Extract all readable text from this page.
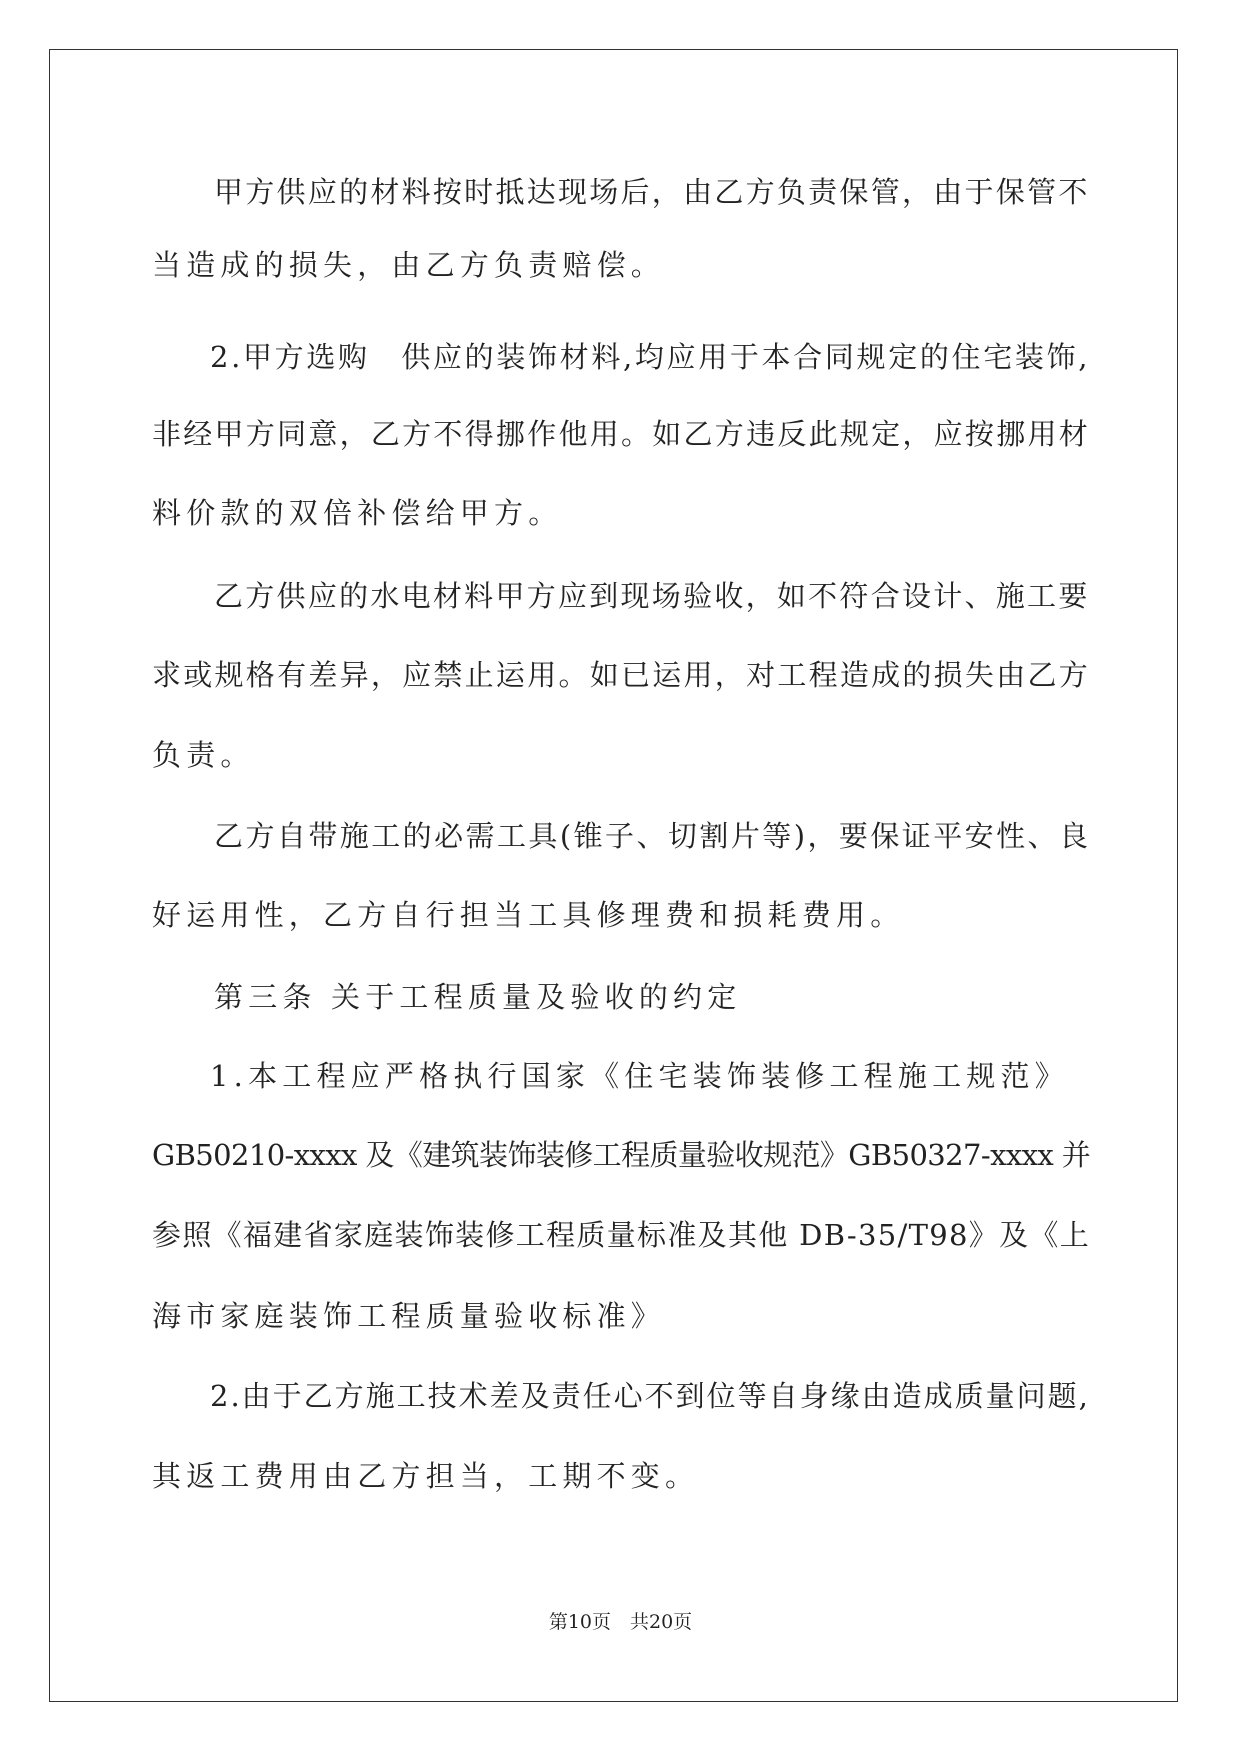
甲方供应的材料按时抵达现场后，由乙方负责保管，由于保管不
当造成的损失，由乙方负责赔偿。
2.甲方选购　供应的装饰材料,均应用于本合同规定的住宅装饰,
非经甲方同意，乙方不得挪作他用。如乙方违反此规定，应按挪用材
料价款的双倍补偿给甲方。
乙方供应的水电材料甲方应到现场验收，如不符合设计、施工要
求或规格有差异，应禁止运用。如已运用，对工程造成的损失由乙方
负责。
乙方自带施工的必需工具(锥子、切割片等)，要保证平安性、良
好运用性，乙方自行担当工具修理费和损耗费用。
第三条 关于工程质量及验收的约定
1.本工程应严格执行国家《住宅装饰装修工程施工规范》
GB50210-xxxx 及《建筑装饰装修工程质量验收规范》GB50327-xxxx 并
参照《福建省家庭装饰装修工程质量标准及其他 DB-35/T98》及《上
海市家庭装饰工程质量验收标准》
2.由于乙方施工技术差及责任心不到位等自身缘由造成质量问题,
其返工费用由乙方担当，工期不变。
第10页　共20页
